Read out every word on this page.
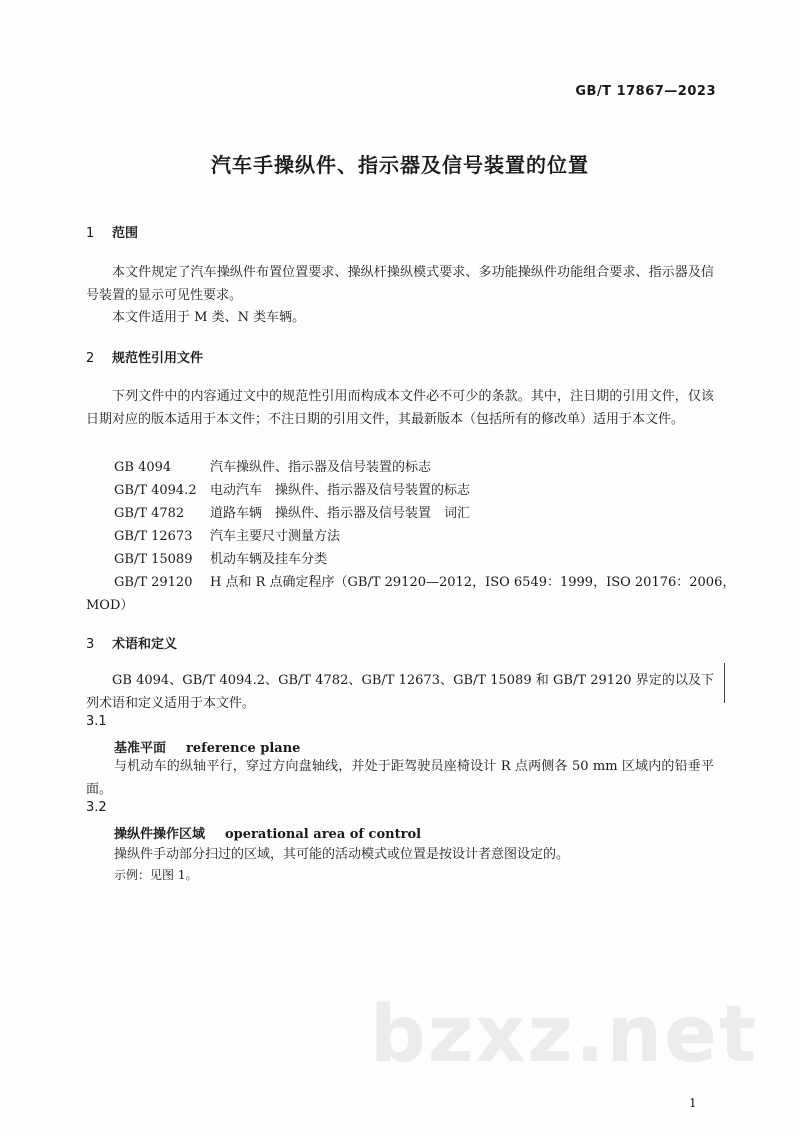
GB/T 17867—2023
汽车手操纵件、指示器及信号装置的位置
1 范围
本文件规定了汽车操纵件布置位置要求、操纵杆操纵模式要求、多功能操纵件功能组合要求、指示器及信号装置的显示可见性要求。
本文件适用于 M 类、N 类车辆。
2 规范性引用文件
下列文件中的内容通过文中的规范性引用而构成本文件必不可少的条款。其中，注日期的引用文件，仅该日期对应的版本适用于本文件；不注日期的引用文件，其最新版本（包括所有的修改单）适用于本文件。
GB 4094	汽车操纵件、指示器及信号装置的标志
GB/T 4094.2 电动汽车　操纵件、指示器及信号装置的标志
GB/T 4782 道路车辆　操纵件、指示器及信号装置　词汇
GB/T 12673 汽车主要尺寸测量方法
GB/T 15089 机动车辆及挂车分类
GB/T 29120 H 点和 R 点确定程序（GB/T 29120—2012，ISO 6549：1999，ISO 20176：2006，
MOD）
3 术语和定义
GB 4094、GB/T 4094.2、GB/T 4782、GB/T 12673、GB/T 15089 和 GB/T 29120 界定的以及下列术语和定义适用于本文件。
3.1
基准平面 reference plane
与机动车的纵轴平行，穿过方向盘轴线，并处于距驾驶员座椅设计 R 点两侧各 50 mm 区域内的铅垂平面。
3.2
操纵件操作区域 operational area of control
操纵件手动部分扫过的区域，其可能的活动模式或位置是按设计者意图设定的。
示例：见图 1。
bzxz.net
1
